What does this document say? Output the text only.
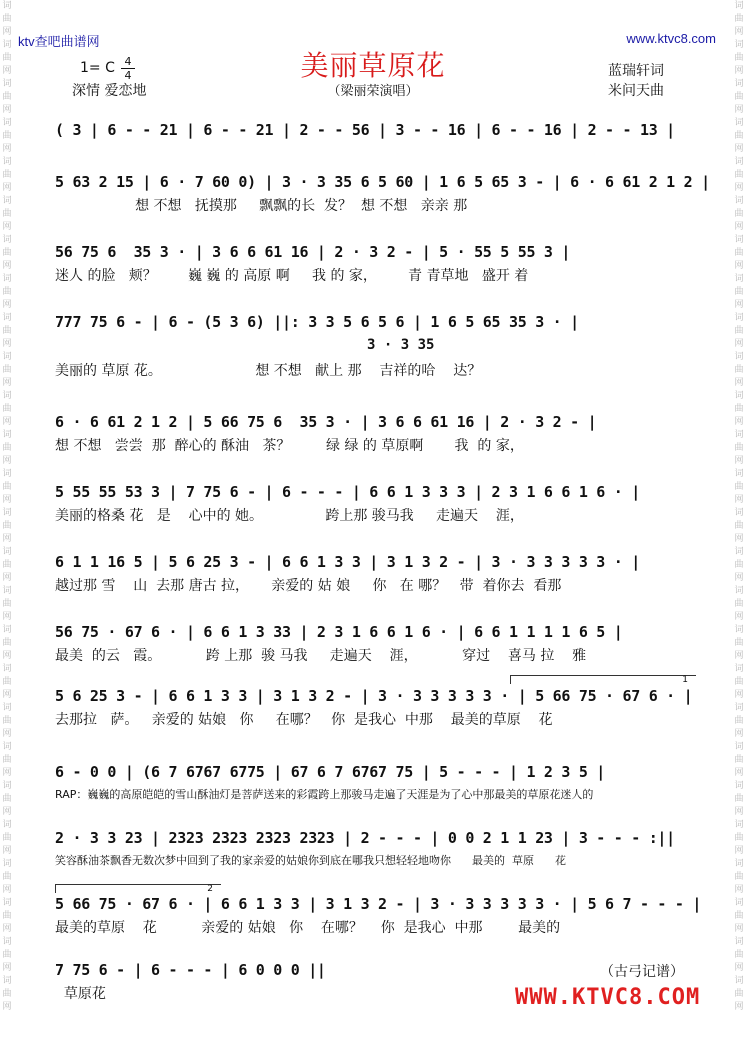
词曲网词曲网词曲网词曲网词曲网词曲网词曲网词曲网词曲网词曲网词曲网词曲网词曲网词曲网词曲网词曲网词曲网词曲网词曲网词曲网词曲网词曲网词曲网词曲网词曲网词曲网
词曲网词曲网词曲网词曲网词曲网词曲网词曲网词曲网词曲网词曲网词曲网词曲网词曲网词曲网词曲网词曲网词曲网词曲网词曲网词曲网词曲网词曲网词曲网词曲网词曲网词曲网
ktv查吧曲谱网	www.ktvc8.com
美丽草原花
（梁丽荣演唱）
1= C 4
4
深情 爱恋地
蓝瑞轩词
米问天曲
( 3 | 6 - - 21 | 6 - - 21 | 2 - - 56 | 3 - - 16 | 6 - - 16 | 2 - - 13 |
5 63 2 15 | 6 · 7 60 0) | 3 · 3 35 6 5 60 | 1 6 5 65 3 - | 6 · 6 61 2 1 2 |
想 不想   抚摸那     飘飘的长  发？  想 不想   亲亲 那
56 75 6  35 3 · | 3 6 6 61 16 | 2 · 3 2 - | 5 · 55 5 55 3 |
迷人 的脸   颊？       巍 巍 的 高原 啊     我 的 家，       青 青草地   盛开 着
777 75 6 - | 6 - (5 3 6) ||: 3 3 5 6 5 6 | 1 6 5 65 35 3 · |
3 · 3 35
美丽的 草原 花。                     想 不想   献上 那    吉祥的哈    达？
6 · 6 61 2 1 2 | 5 66 75 6  35 3 · | 3 6 6 61 16 | 2 · 3 2 - |
想 不想   尝尝  那  醉心的 酥油   茶？        绿 绿 的 草原啊       我  的 家，
5 55 55 53 3 | 7 75 6 - | 6 - - - | 6 6 1 3 3 3 | 2 3 1 6 6 1 6 · |
美丽的格桑 花   是    心中的 她。              跨上那 骏马我     走遍天    涯，
6 1 1 16 5 | 5 6 25 3 - | 6 6 1 3 3 | 3 1 3 2 - | 3 · 3 3 3 3 3 · |
越过那 雪    山  去那 唐古 拉，     亲爱的 姑 娘     你   在 哪？   带  着你去  看那
56 75 · 67 6 · | 6 6 1 3 33 | 2 3 1 6 6 1 6 · | 6 6 1 1 1 1 6 5 |
最美  的云   霞。          跨 上那  骏 马我     走遍天    涯，          穿过    喜马 拉    雅
1
5 6 25 3 - | 6 6 1 3 3 | 3 1 3 2 - | 3 · 3 3 3 3 3 · | 5 66 75 · 67 6 · |
去那拉   萨。   亲爱的 姑娘   你     在哪？   你  是我心  中那    最美的草原    花
6 - 0 0 | (6 7 6767 6775 | 67 6 7 6767 75 | 5 - - - | 1 2 3 5 |
RAP：巍巍的高原皑皑的雪山酥油灯是菩萨送来的彩霞跨上那骏马走遍了天涯是为了心中那最美的草原花迷人的
2 · 3 3 23 | 2323 2323 2323 2323 | 2 - - - | 0 0 2 1 1 23 | 3 - - - :||
笑容酥油茶飘香无数次梦中回到了我的家亲爱的姑娘你到底在哪我只想轻轻地吻你      最美的  草原      花
2
5 66 75 · 67 6 · | 6 6 1 3 3 | 3 1 3 2 - | 3 · 3 3 3 3 3 · | 5 6 7 - - - |
最美的草原    花          亲爱的 姑娘   你    在哪？    你  是我心  中那        最美的
7 75 6 - | 6 - - - | 6 0 0 0 ||
草原花
（古弓记谱）
WWW.KTVC8.COM
